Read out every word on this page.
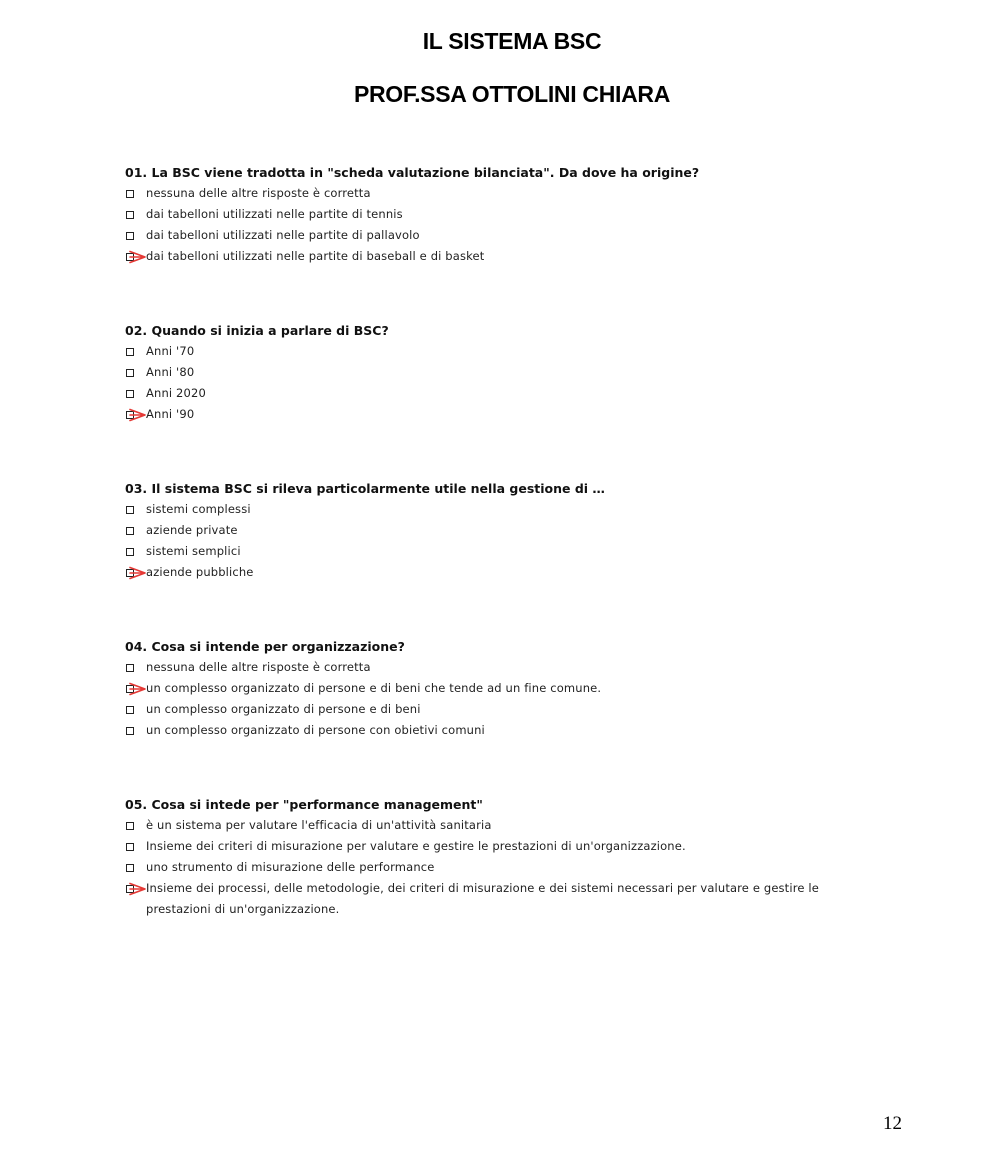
IL SISTEMA BSC
PROF.SSA OTTOLINI CHIARA
01. La BSC viene tradotta in "scheda valutazione bilanciata". Da dove ha origine?
nessuna delle altre risposte è corretta
dai tabelloni utilizzati nelle partite di tennis
dai tabelloni utilizzati nelle partite di pallavolo
dai tabelloni utilizzati nelle partite di baseball e di basket
02. Quando si inizia a parlare di BSC?
Anni '70
Anni '80
Anni 2020
Anni '90
03. Il sistema BSC si rileva particolarmente utile nella gestione di …
sistemi complessi
aziende private
sistemi semplici
aziende pubbliche
04. Cosa si intende per organizzazione?
nessuna delle altre risposte è corretta
un complesso organizzato di persone e di beni che tende ad un fine comune.
un complesso organizzato di persone e di beni
un complesso organizzato di persone con obietivi comuni
05. Cosa si intede per "performance management"
è un sistema per valutare l'efficacia di un'attività sanitaria
Insieme dei criteri di misurazione per valutare e gestire le prestazioni di un'organizzazione.
uno strumento di misurazione delle performance
Insieme dei processi, delle metodologie, dei criteri di misurazione e dei sistemi necessari per valutare e gestire le prestazioni di un'organizzazione.
12
